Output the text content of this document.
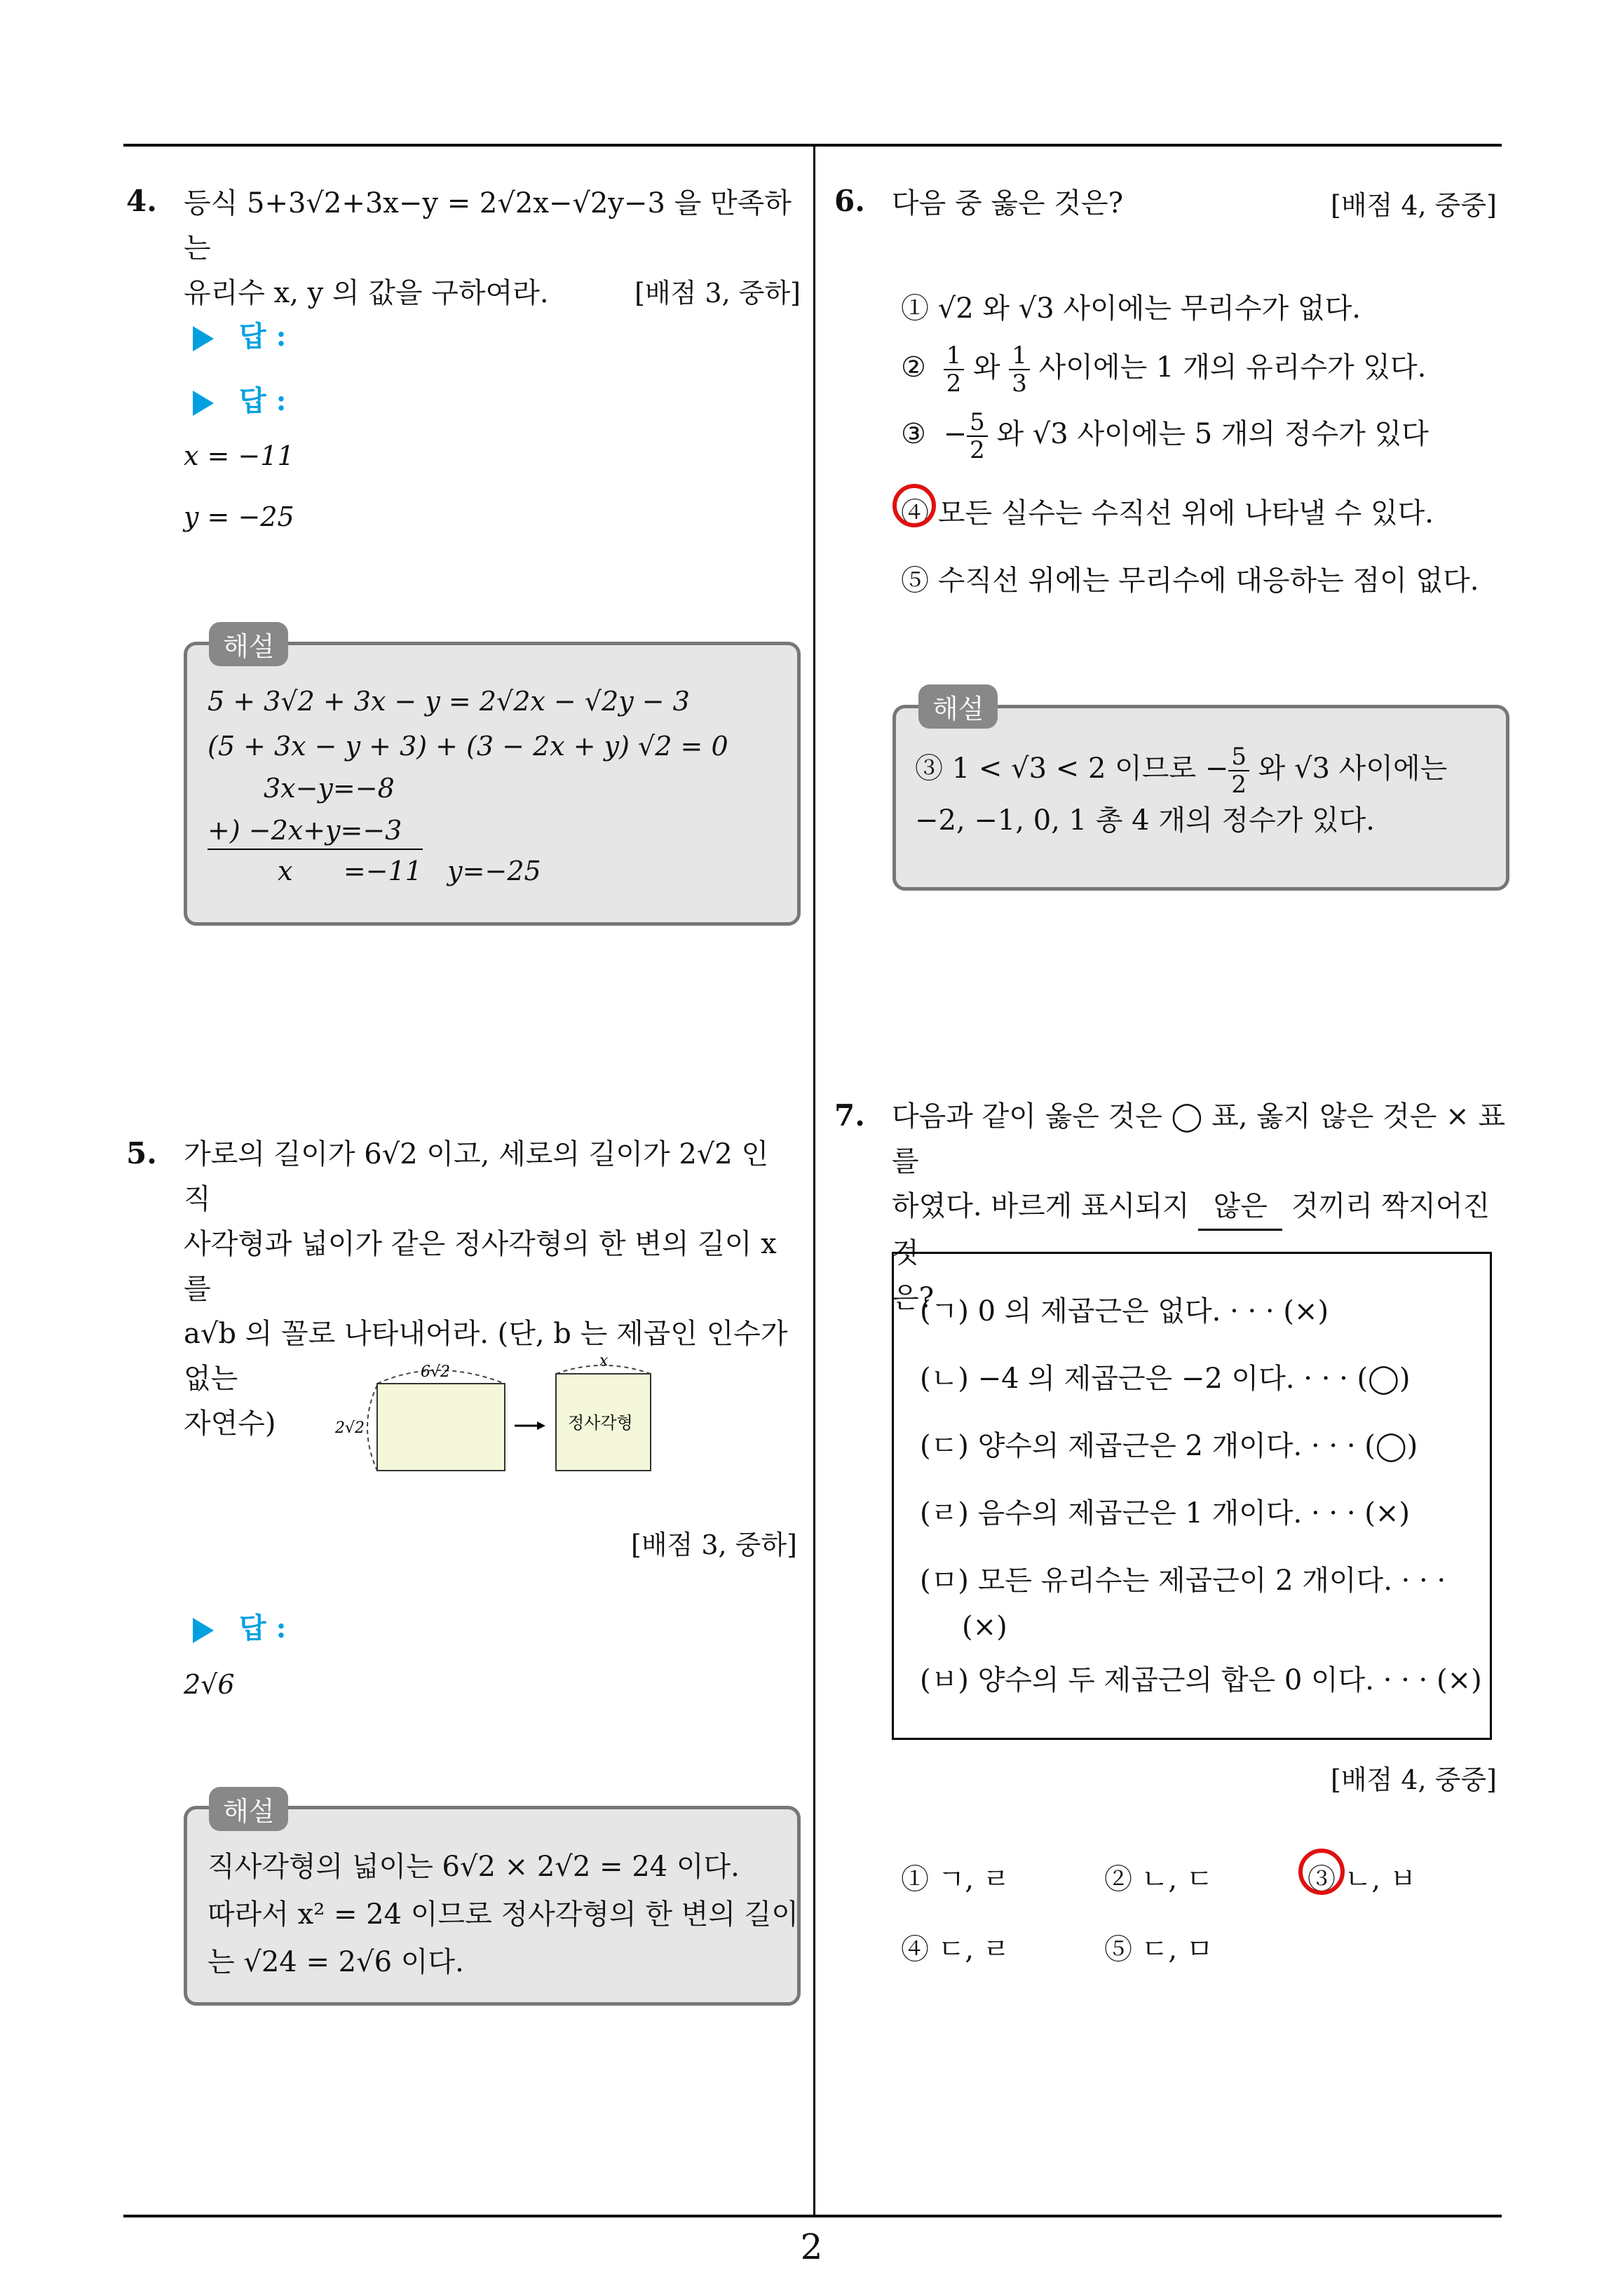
4. 등식 5+3√2+3x−y = 2√2x−√2y−3 을 만족하는
유리수 x, y 의 값을 구하여라.	[배점 3, 중하]
답 :
답 :
x = −11
y = −25
해설
5 + 3√2 + 3x − y = 2√2x − √2y − 3
(5 + 3x − y + 3) + (3 − 2x + y) √2 = 0
3x−y=−8
+) −2x+y=−3
x      =−11   y=−25
5. 가로의 길이가 6√2 이고, 세로의 길이가 2√2 인 직
사각형과 넓이가 같은 정사각형의 한 변의 길이 x 를
a√b 의 꼴로 나타내어라. (단, b 는 제곱인 인수가 없는
자연수)
6√2
2√2
x
정사각형
[배점 3, 중하]
답 :
2√6
해설
직사각형의 넓이는 6√2 × 2√2 = 24 이다.
따라서 x² = 24 이므로 정사각형의 한 변의 길이
는 √24 = 2√6 이다.
6. 다음 중 옳은 것은?	[배점 4, 중중]
① √2 와 √3 사이에는 무리수가 없다.
② $\frac{1}{2}$ 와 $\frac{1}{3}$ 사이에는 1 개의 유리수가 있다.
③ − $\frac{5}{2}$ 와 √3 사이에는 5 개의 정수가 있다
④ 모든 실수는 수직선 위에 나타낼 수 있다.
⑤ 수직선 위에는 무리수에 대응하는 점이 없다.
해설
③ 1 < √3 < 2 이므로 − $\frac{5}{2}$ 와 √3 사이에는
−2, −1, 0, 1 총 4 개의 정수가 있다.
7. 다음과 같이 옳은 것은 ◯ 표, 옳지 않은 것은 × 표를
하였다. 바르게 표시되지 않은 것끼리 짝지어진 것
은?
(ㄱ) 0 의 제곱근은 없다. · · · (×)
(ㄴ) −4 의 제곱근은 −2 이다. · · · (◯)
(ㄷ) 양수의 제곱근은 2 개이다. · · · (◯)
(ㄹ) 음수의 제곱근은 1 개이다. · · · (×)
(ㅁ) 모든 유리수는 제곱근이 2 개이다. · · ·
(×)
(ㅂ) 양수의 두 제곱근의 합은 0 이다. · · · (×)
[배점 4, 중중]
① ㄱ, ㄹ	② ㄴ, ㄷ	③ ㄴ, ㅂ
④ ㄷ, ㄹ	⑤ ㄷ, ㅁ
2
